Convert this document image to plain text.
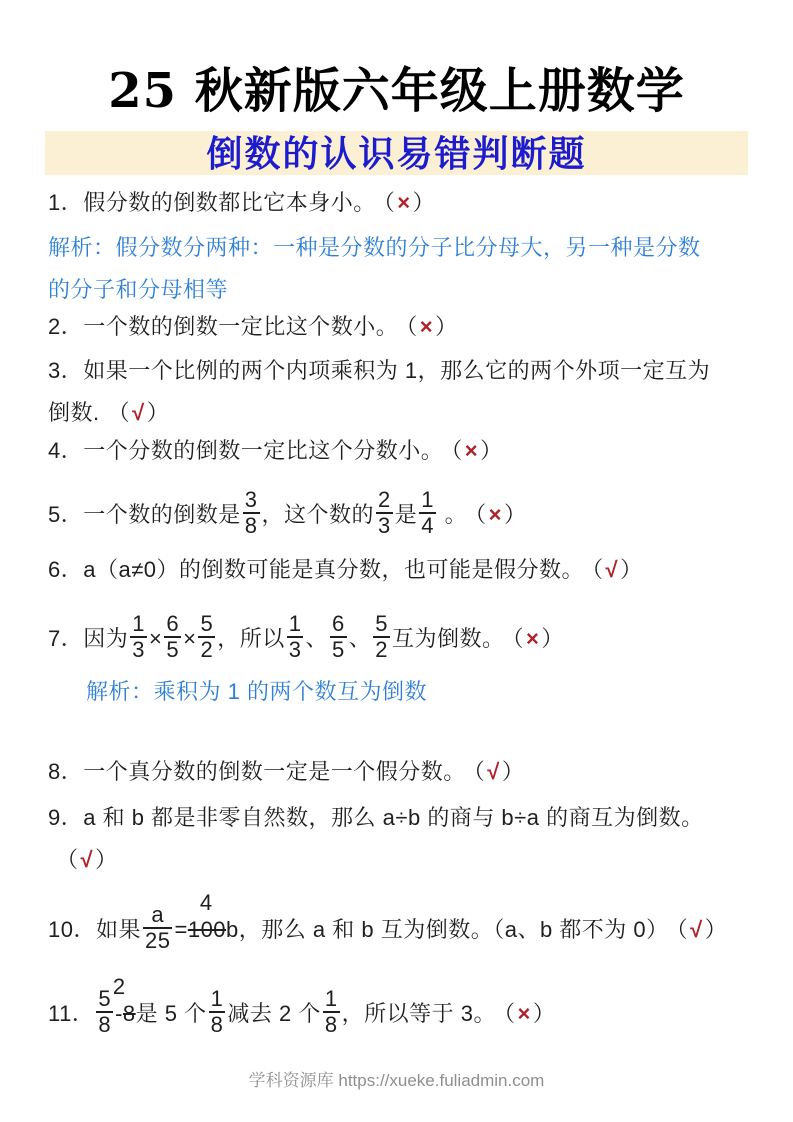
25 秋新版六年级上册数学
倒数的认识易错判断题
1．假分数的倒数都比它本身小。 （×）
解析：假分数分两种：一种是分数的分子比分母大，另一种是分数
的分子和分母相等
2．一个数的倒数一定比这个数小。 （×）
3．如果一个比例的两个内项乘积为 1，那么它的两个外项一定互为
倒数. （√）
4．一个分数的倒数一定比这个分数小。 （×）
5．一个数的倒数是 $\frac{3}{8}$ ，这个数的 $\frac{2}{3}$ 是 $\frac{1}{4}$ 。 （×）
6．a（a≠0）的倒数可能是真分数，也可能是假分数。 （√）
7．因为 $\frac{1}{3} \times \frac{6}{5} \times \frac{5}{2}$ ，所以 $\frac{1}{3}$ 、 $\frac{6}{5}$ 、 $\frac{5}{2}$ 互为倒数。 （×）
解析：乘积为 1 的两个数互为倒数
8．一个真分数的倒数一定是一个假分数。 （√）
9．a 和 b 都是非零自然数，那么 a÷b 的商与 b÷a 的商互为倒数。
（√）
10．如果 $\frac{a}{25}$ =
4
100b，那么 a 和 b 互为倒数。（a、b 都不为 0） （√）
11． $\frac{5}{8}$ -
2
8是 5 个 $\frac{1}{8}$ 减去 2 个 $\frac{1}{8}$ ，所以等于 3。 （×）
学科资源库 https://xueke.fuliadmin.com
